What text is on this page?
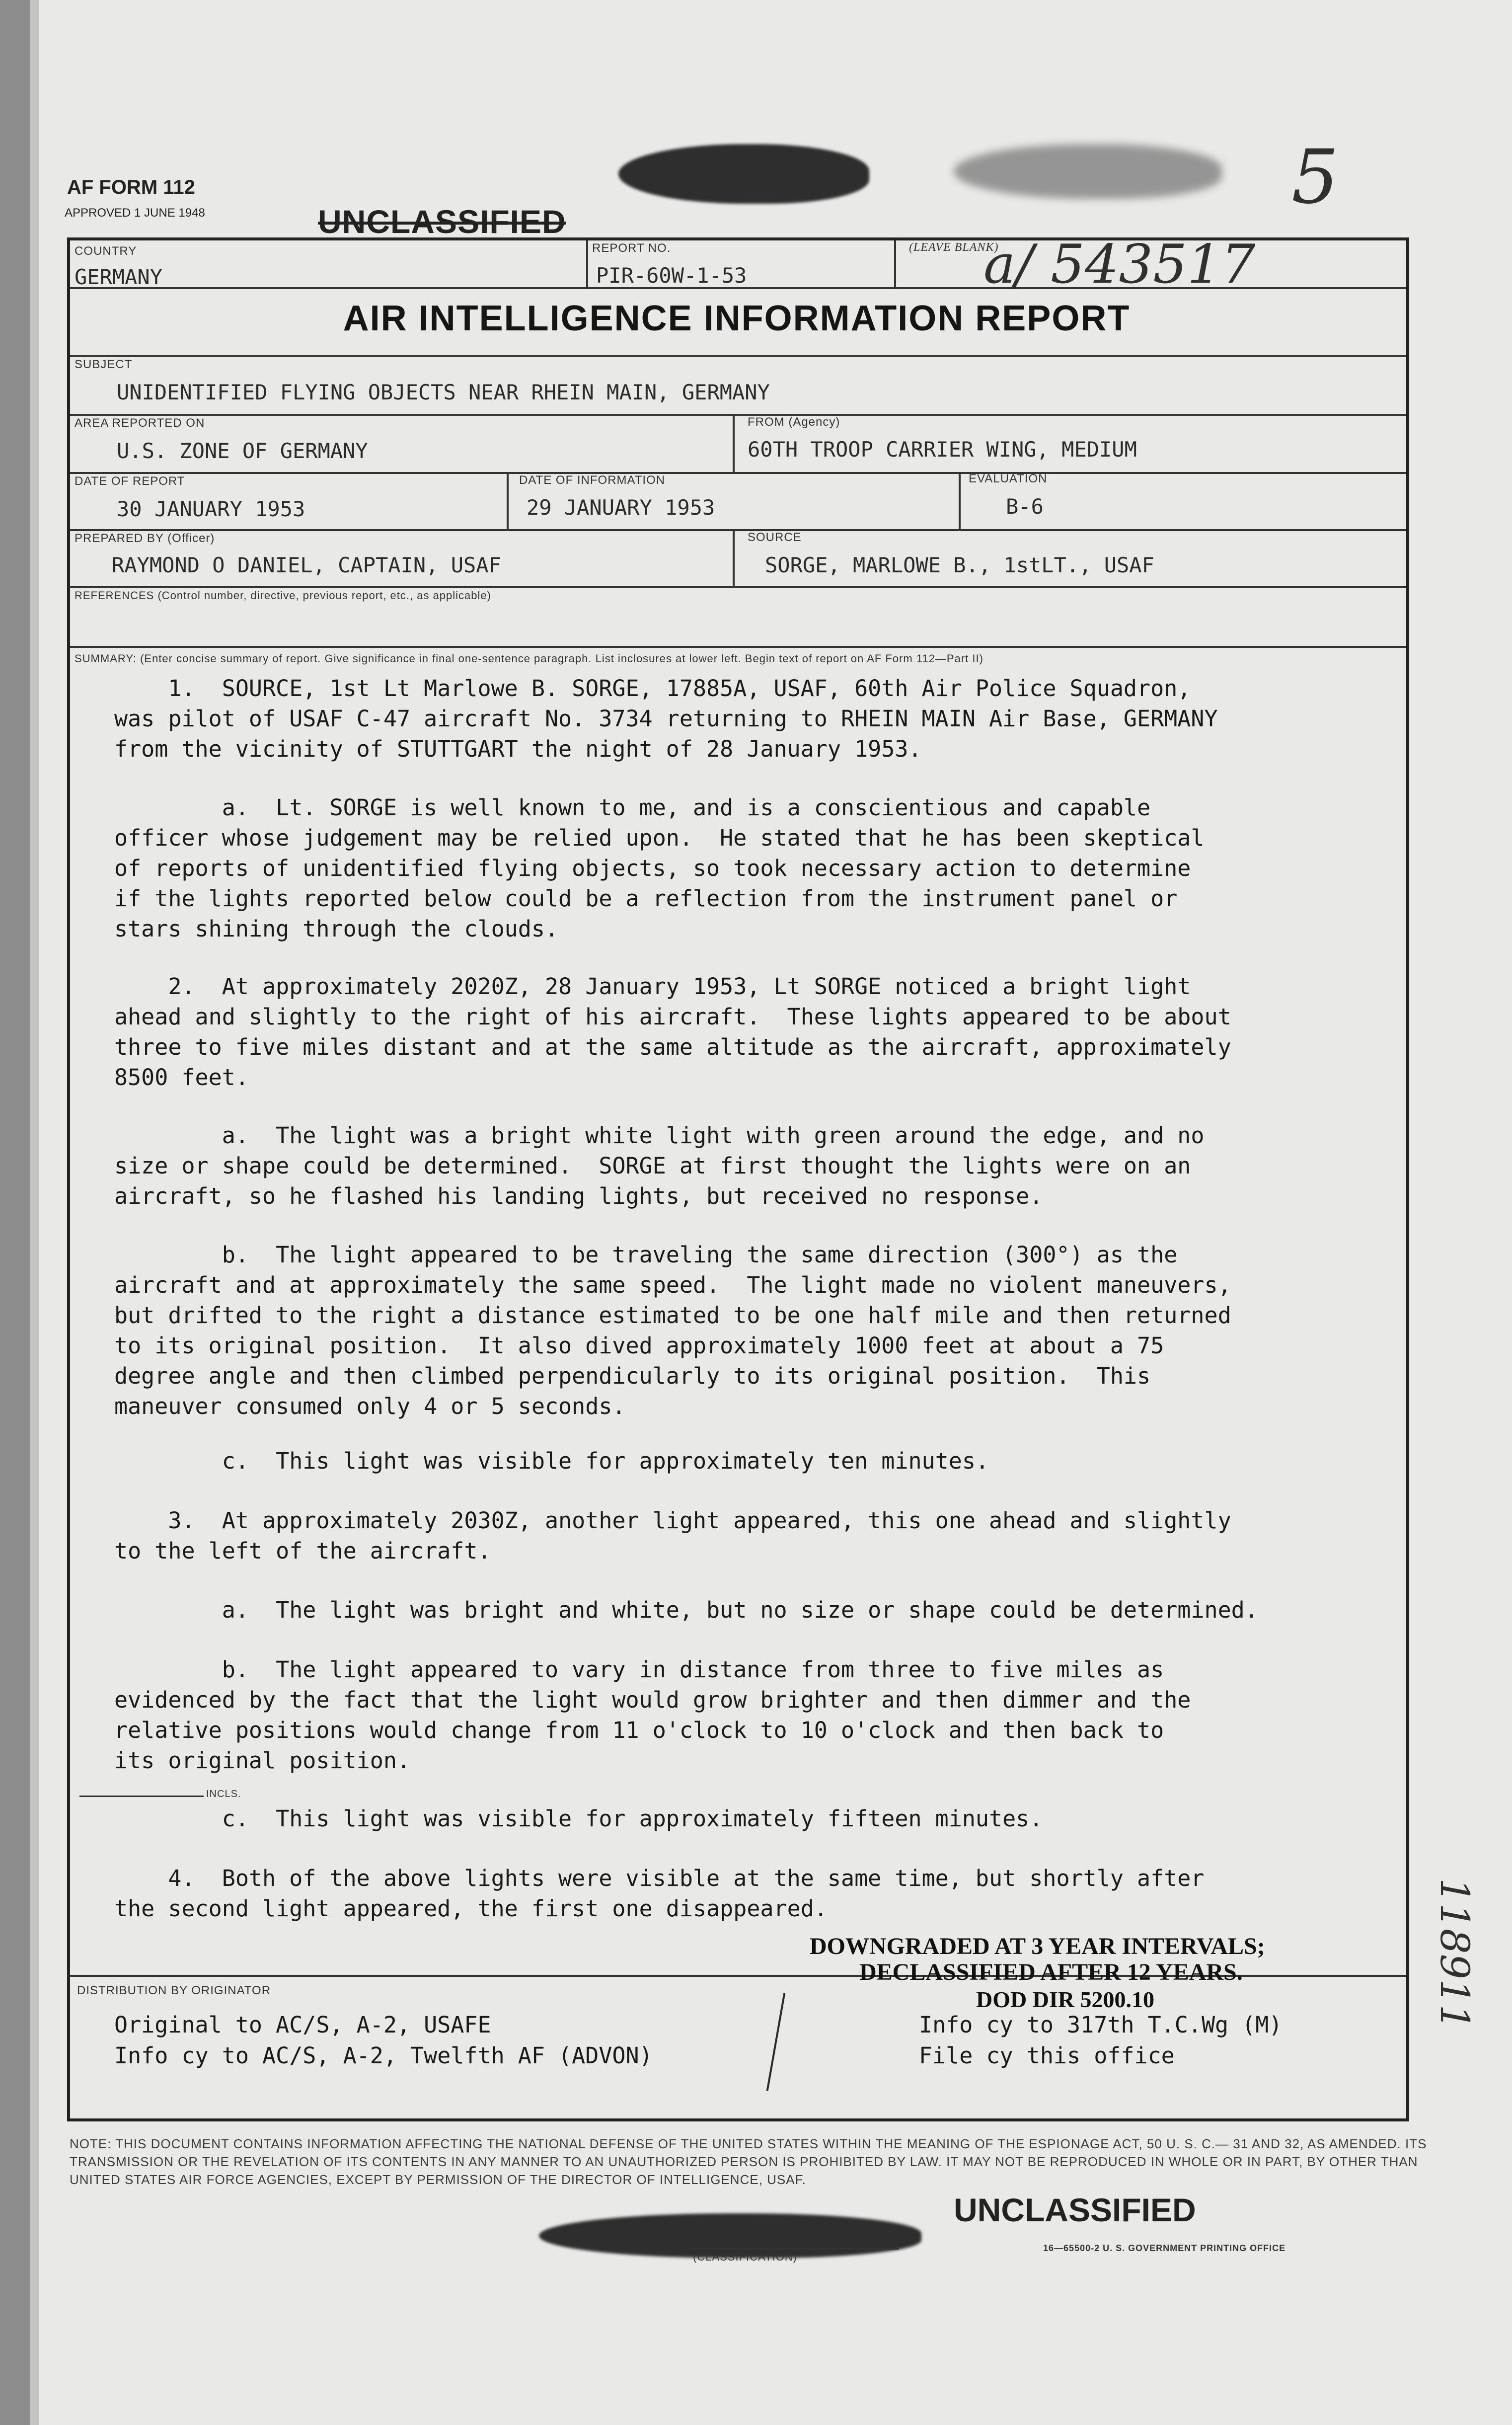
AF FORM 112
APPROVED 1 JUNE 1948	UNCLASSIFIED
5
COUNTRY
GERMANY
REPORT NO.
PIR-60W-1-53
(LEAVE BLANK)
a/ 543517
AIR INTELLIGENCE INFORMATION REPORT
SUBJECT
UNIDENTIFIED FLYING OBJECTS NEAR RHEIN MAIN, GERMANY
AREA REPORTED ON
U.S. ZONE OF GERMANY
FROM (Agency)
60TH TROOP CARRIER WING, MEDIUM
DATE OF REPORT
30 JANUARY 1953
DATE OF INFORMATION
29 JANUARY 1953
EVALUATION
B-6
PREPARED BY (Officer)
RAYMOND O DANIEL, CAPTAIN, USAF
SOURCE
SORGE, MARLOWE B., 1stLT., USAF
REFERENCES (Control number, directive, previous report, etc., as applicable)
SUMMARY: (Enter concise summary of report. Give significance in final one-sentence paragraph. List inclosures at lower left. Begin text of report on AF Form 112—Part II)
1.  SOURCE, 1st Lt Marlowe B. SORGE, 17885A, USAF, 60th Air Police Squadron,
was pilot of USAF C-47 aircraft No. 3734 returning to RHEIN MAIN Air Base, GERMANY
from the vicinity of STUTTGART the night of 28 January 1953.
a.  Lt. SORGE is well known to me, and is a conscientious and capable
officer whose judgement may be relied upon.  He stated that he has been skeptical
of reports of unidentified flying objects, so took necessary action to determine
if the lights reported below could be a reflection from the instrument panel or
stars shining through the clouds.
2.  At approximately 2020Z, 28 January 1953, Lt SORGE noticed a bright light
ahead and slightly to the right of his aircraft.  These lights appeared to be about
three to five miles distant and at the same altitude as the aircraft, approximately
8500 feet.
a.  The light was a bright white light with green around the edge, and no
size or shape could be determined.  SORGE at first thought the lights were on an
aircraft, so he flashed his landing lights, but received no response.
b.  The light appeared to be traveling the same direction (300°) as the
aircraft and at approximately the same speed.  The light made no violent maneuvers,
but drifted to the right a distance estimated to be one half mile and then returned
to its original position.  It also dived approximately 1000 feet at about a 75
degree angle and then climbed perpendicularly to its original position.  This
maneuver consumed only 4 or 5 seconds.
c.  This light was visible for approximately ten minutes.
3.  At approximately 2030Z, another light appeared, this one ahead and slightly
to the left of the aircraft.
a.  The light was bright and white, but no size or shape could be determined.
b.  The light appeared to vary in distance from three to five miles as
evidenced by the fact that the light would grow brighter and then dimmer and the
relative positions would change from 11 o'clock to 10 o'clock and then back to
its original position.
c.  This light was visible for approximately fifteen minutes.
4.  Both of the above lights were visible at the same time, but shortly after
the second light appeared, the first one disappeared.
INCLS.
DOWNGRADED AT 3 YEAR INTERVALS;
DECLASSIFIED AFTER 12 YEARS.
DOD DIR 5200.10
DISTRIBUTION BY ORIGINATOR
Original to AC/S, A-2, USAFE
Info cy to AC/S, A-2, Twelfth AF (ADVON)
Info cy to 317th T.C.Wg (M)
File cy this office
118911
NOTE: THIS DOCUMENT CONTAINS INFORMATION AFFECTING THE NATIONAL DEFENSE OF THE UNITED STATES WITHIN THE MEANING OF THE ESPIONAGE ACT, 50 U. S. C.— 31 AND 32, AS AMENDED. ITS TRANSMISSION OR THE REVELATION OF ITS CONTENTS IN ANY MANNER TO AN UNAUTHORIZED PERSON IS PROHIBITED BY LAW. IT MAY NOT BE REPRODUCED IN WHOLE OR IN PART, BY OTHER THAN UNITED STATES AIR FORCE AGENCIES, EXCEPT BY PERMISSION OF THE DIRECTOR OF INTELLIGENCE, USAF.
UNCLASSIFIED
(CLASSIFICATION)
16—65500-2 U. S. GOVERNMENT PRINTING OFFICE
